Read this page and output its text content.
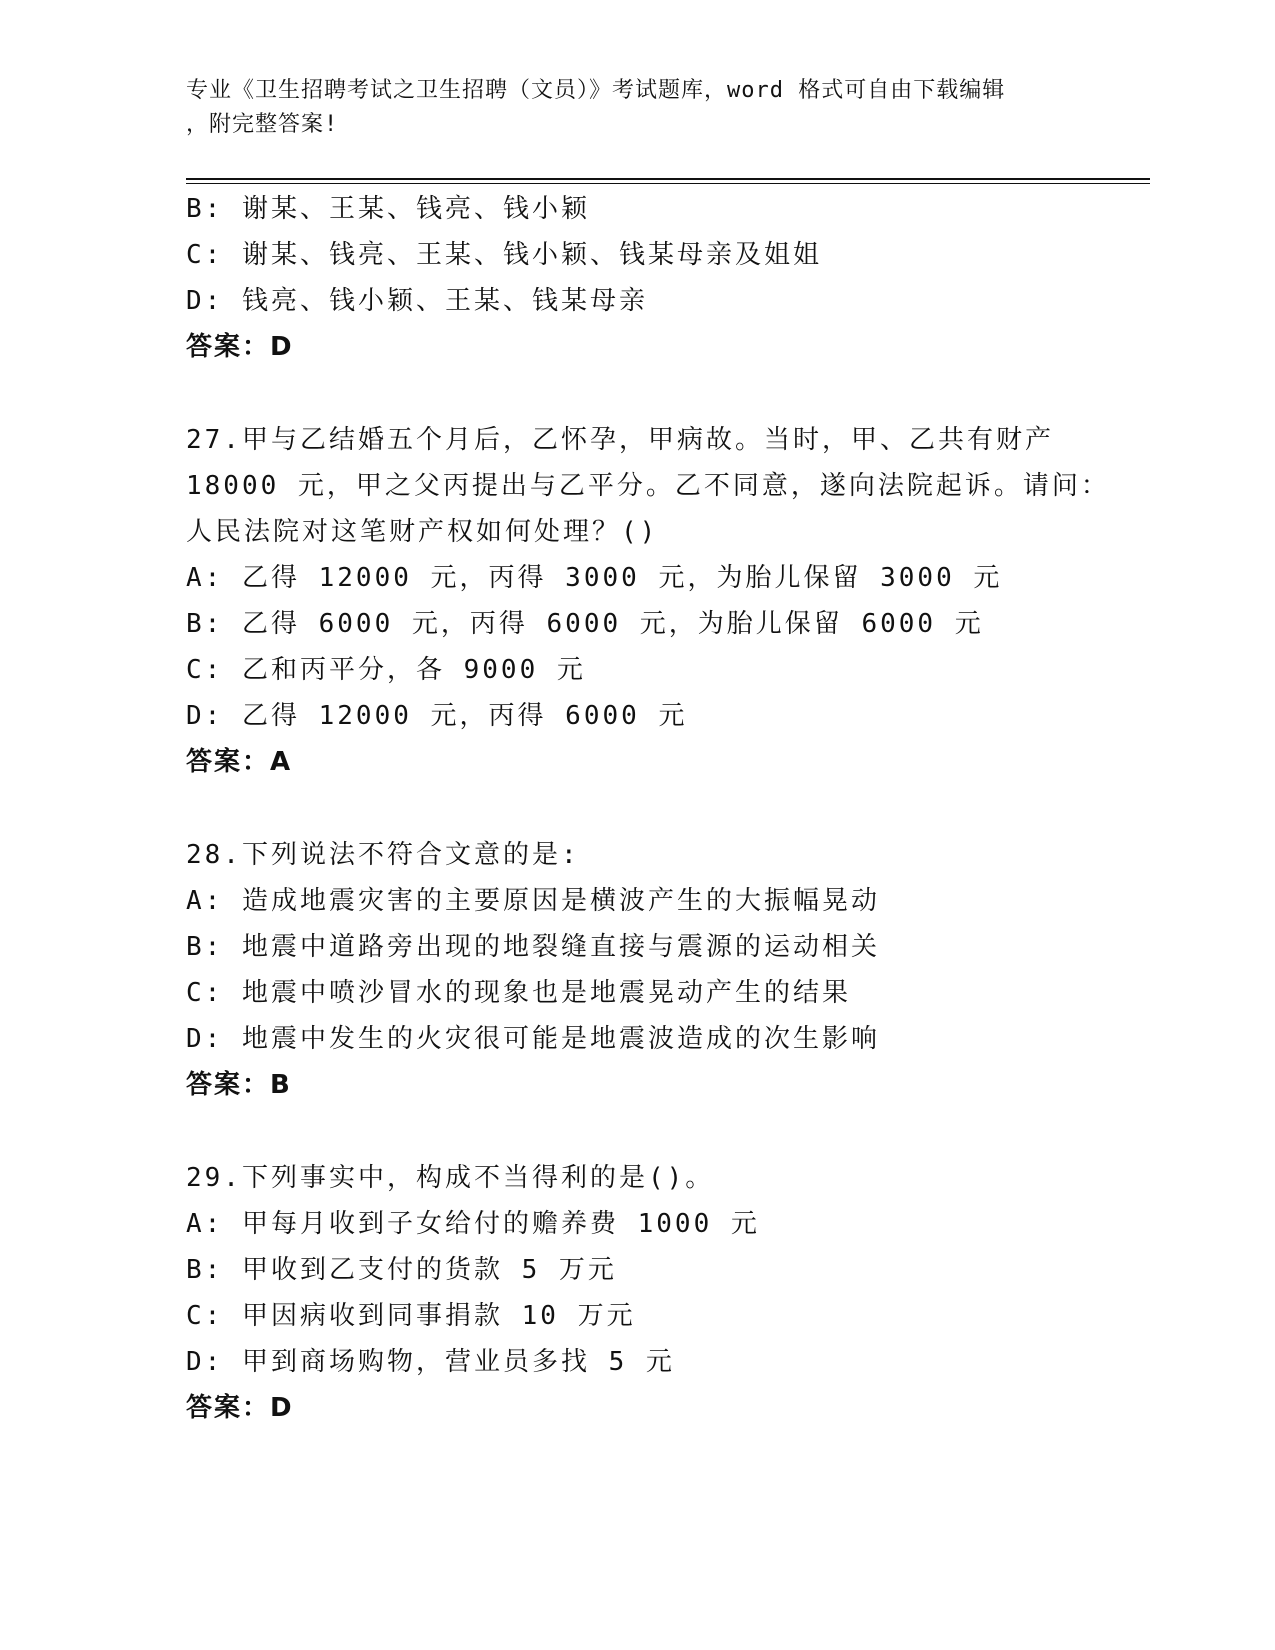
专业《卫生招聘考试之卫生招聘（文员）》考试题库，word 格式可自由下载编辑
，附完整答案!
B: 谢某、王某、钱亮、钱小颖
C: 谢某、钱亮、王某、钱小颖、钱某母亲及姐姐
D: 钱亮、钱小颖、王某、钱某母亲
答案：D
27.甲与乙结婚五个月后，乙怀孕，甲病故。当时，甲、乙共有财产
18000 元，甲之父丙提出与乙平分。乙不同意，遂向法院起诉。请问：
人民法院对这笔财产权如何处理？()
A: 乙得 12000 元，丙得 3000 元，为胎儿保留 3000 元
B: 乙得 6000 元，丙得 6000 元，为胎儿保留 6000 元
C: 乙和丙平分，各 9000 元
D: 乙得 12000 元，丙得 6000 元
答案：A
28.下列说法不符合文意的是:
A: 造成地震灾害的主要原因是横波产生的大振幅晃动
B: 地震中道路旁出现的地裂缝直接与震源的运动相关
C: 地震中喷沙冒水的现象也是地震晃动产生的结果
D: 地震中发生的火灾很可能是地震波造成的次生影响
答案：B
29.下列事实中，构成不当得利的是()。
A: 甲每月收到子女给付的赡养费 1000 元
B: 甲收到乙支付的货款 5 万元
C: 甲因病收到同事捐款 10 万元
D: 甲到商场购物，营业员多找 5 元
答案：D
